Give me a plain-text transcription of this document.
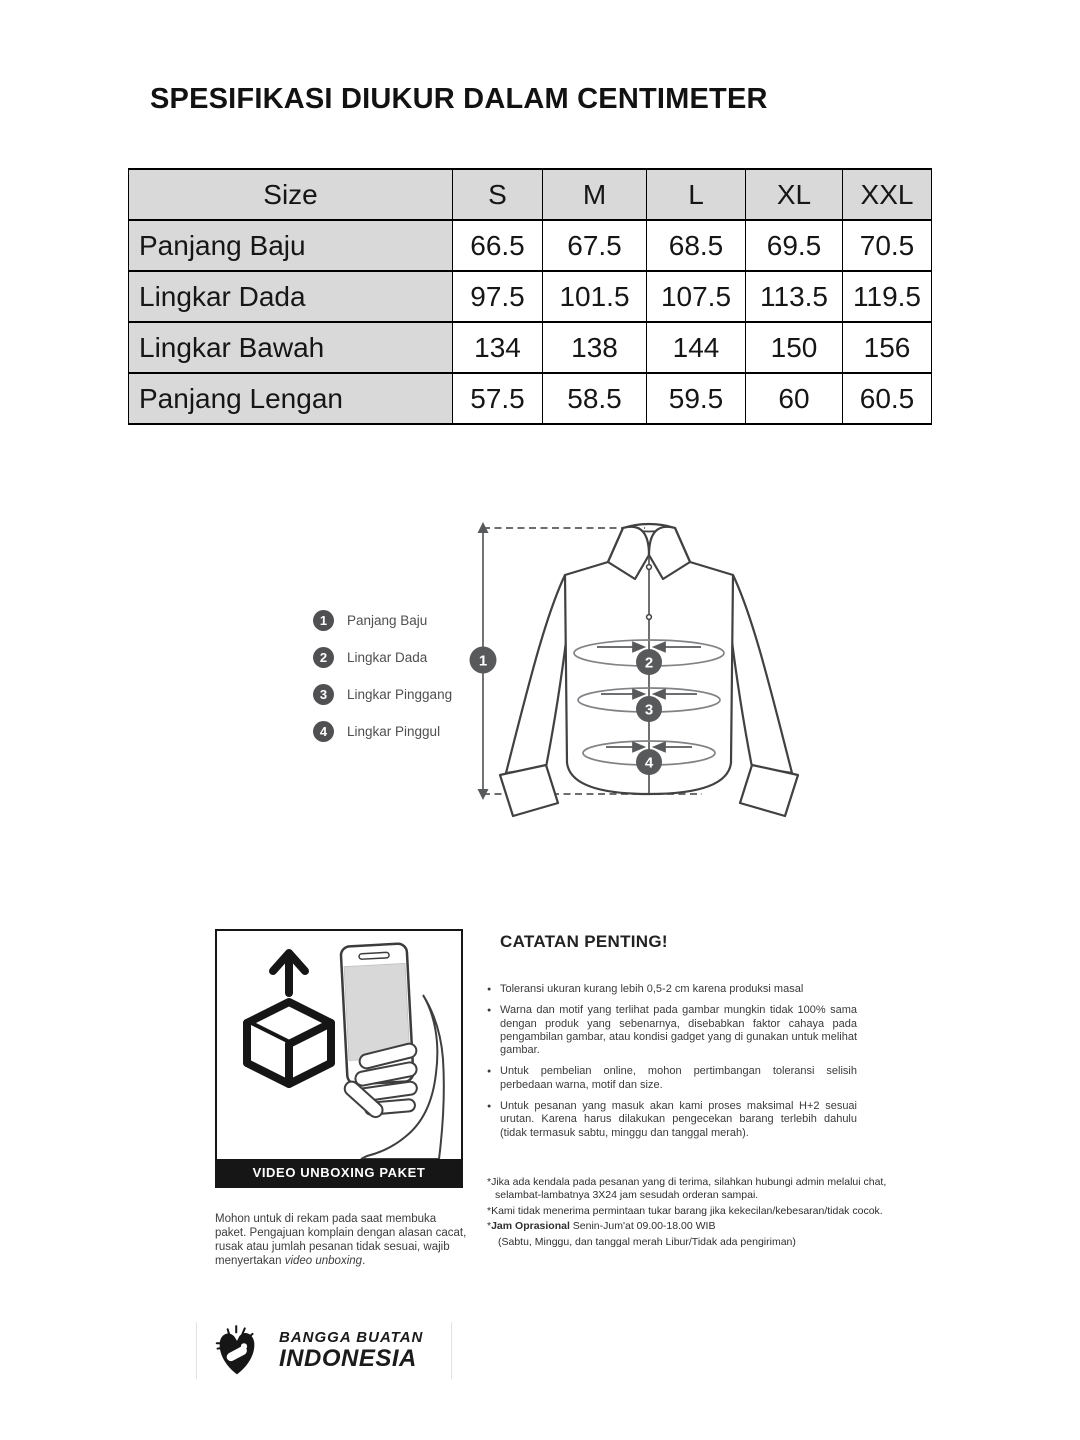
SPESIFIKASI DIUKUR DALAM CENTIMETER
Size	S	M	L	XL	XXL
Panjang Baju	66.5	67.5	68.5	69.5	70.5
Lingkar Dada	97.5	101.5	107.5	113.5	119.5
Lingkar Bawah	134	138	144	150	156
Panjang Lengan	57.5	58.5	59.5	60	60.5
1	Panjang Baju
2	Lingkar Dada
3	Lingkar Pinggang
4	Lingkar Pinggul
1	2
3
4
VIDEO UNBOXING PAKET
Mohon untuk di rekam pada saat membuka paket. Pengajuan komplain dengan alasan cacat, rusak atau jumlah pesanan tidak sesuai, wajib menyertakan video unboxing.
CATATAN PENTING!
● Toleransi ukuran kurang lebih 0,5-2 cm karena produksi masal
● Warna dan motif yang terlihat pada gambar mungkin tidak 100% sama dengan produk yang sebenarnya, disebabkan faktor cahaya pada pengambilan gambar, atau kondisi gadget yang di gunakan untuk melihat gambar.
● Untuk pembelian online, mohon pertimbangan toleransi selisih perbedaan warna, motif dan size.
● Untuk pesanan yang masuk akan kami proses maksimal H+2 sesuai urutan. Karena harus dilakukan pengecekan barang terlebih dahulu (tidak termasuk sabtu, minggu dan tanggal merah).

*Jika ada kendala pada pesanan yang di terima, silahkan hubungi admin melalui chat, selambat-lambatnya 3X24 jam sesudah orderan sampai.

*Kami tidak menerima permintaan tukar barang jika kekecilan/kebesaran/tidak cocok.

*Jam Oprasional Senin-Jum'at 09.00-18.00 WIB

(Sabtu, Minggu, dan tanggal merah Libur/Tidak ada pengiriman)

BANGGA BUATAN
INDONESIA
